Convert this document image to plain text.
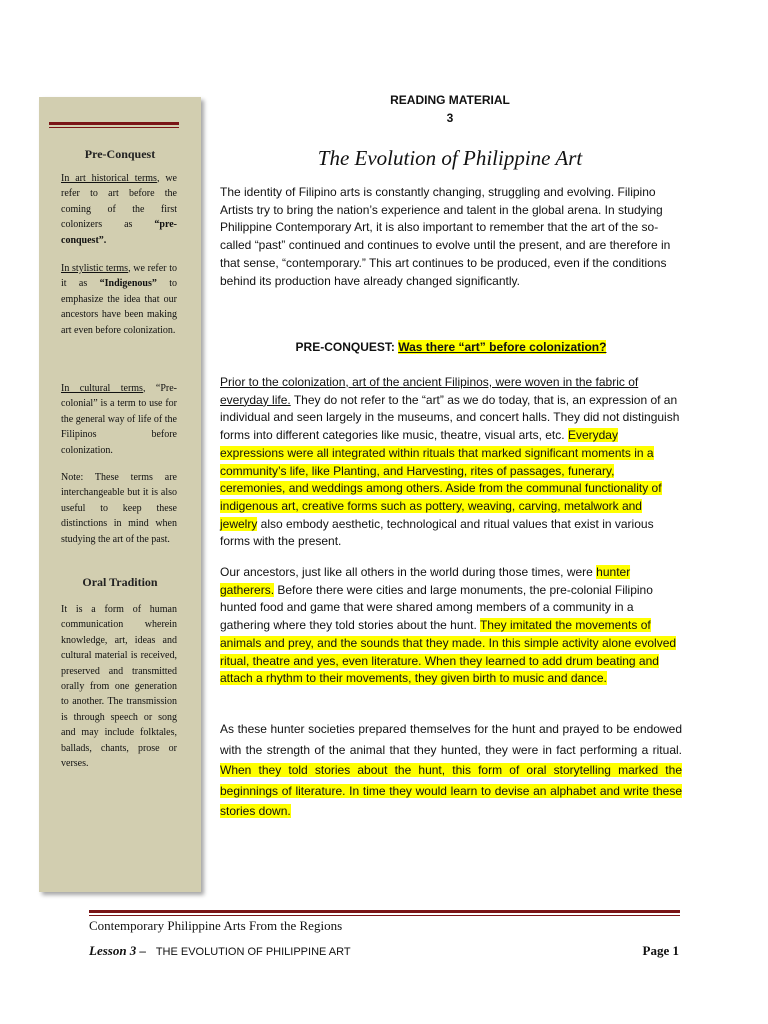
Pre-Conquest

In art historical terms, we refer to art before the coming of the first colonizers as “pre-conquest”.

In stylistic terms, we refer to it as “Indigenous” to emphasize the idea that our ancestors have been making art even before colonization.

In cultural terms, “Pre-colonial” is a term to use for the general way of life of the Filipinos before colonization.

Note: These terms are interchangeable but it is also useful to keep these distinctions in mind when studying the art of the past.

Oral Tradition

It is a form of human communication wherein knowledge, art, ideas and cultural material is received, preserved and transmitted orally from one generation to another. The transmission is through speech or song and may include folktales, ballads, chants, prose or verses.

READING MATERIAL
3
The Evolution of Philippine Art

The identity of Filipino arts is constantly changing, struggling and evolving. Filipino Artists try to bring the nation’s experience and talent in the global arena. In studying Philippine Contemporary Art, it is also important to remember that the art of the so-called “past” continued and continues to evolve until the present, and are therefore in that sense, “contemporary.” This art continues to be produced, even if the conditions behind its production have already changed significantly.

PRE-CONQUEST: Was there “art” before colonization?

Prior to the colonization, art of the ancient Filipinos, were woven in the fabric of everyday life. They do not refer to the “art” as we do today, that is, an expression of an individual and seen largely in the museums, and concert halls. They did not distinguish forms into different categories like music, theatre, visual arts, etc. Everyday expressions were all integrated within rituals that marked significant moments in a community’s life, like Planting, and Harvesting, rites of passages, funerary, ceremonies, and weddings among others. Aside from the communal functionality of indigenous art, creative forms such as pottery, weaving, carving, metalwork and jewelry also embody aesthetic, technological and ritual values that exist in various forms with the present.

Our ancestors, just like all others in the world during those times, were hunter gatherers. Before there were cities and large monuments, the pre-colonial Filipino hunted food and game that were shared among members of a community in a gathering where they told stories about the hunt. They imitated the movements of animals and prey, and the sounds that they made. In this simple activity alone evolved ritual, theatre and yes, even literature. When they learned to add drum beating and attach a rhythm to their movements, they given birth to music and dance.

As these hunter societies prepared themselves for the hunt and prayed to be endowed with the strength of the animal that they hunted, they were in fact performing a ritual. When they told stories about the hunt, this form of oral storytelling marked the beginnings of literature. In time they would learn to devise an alphabet and write these stories down.

Contemporary Philippine Arts From the Regions
Lesson 3 – THE EVOLUTION OF PHILIPPINE ART	Page 1
